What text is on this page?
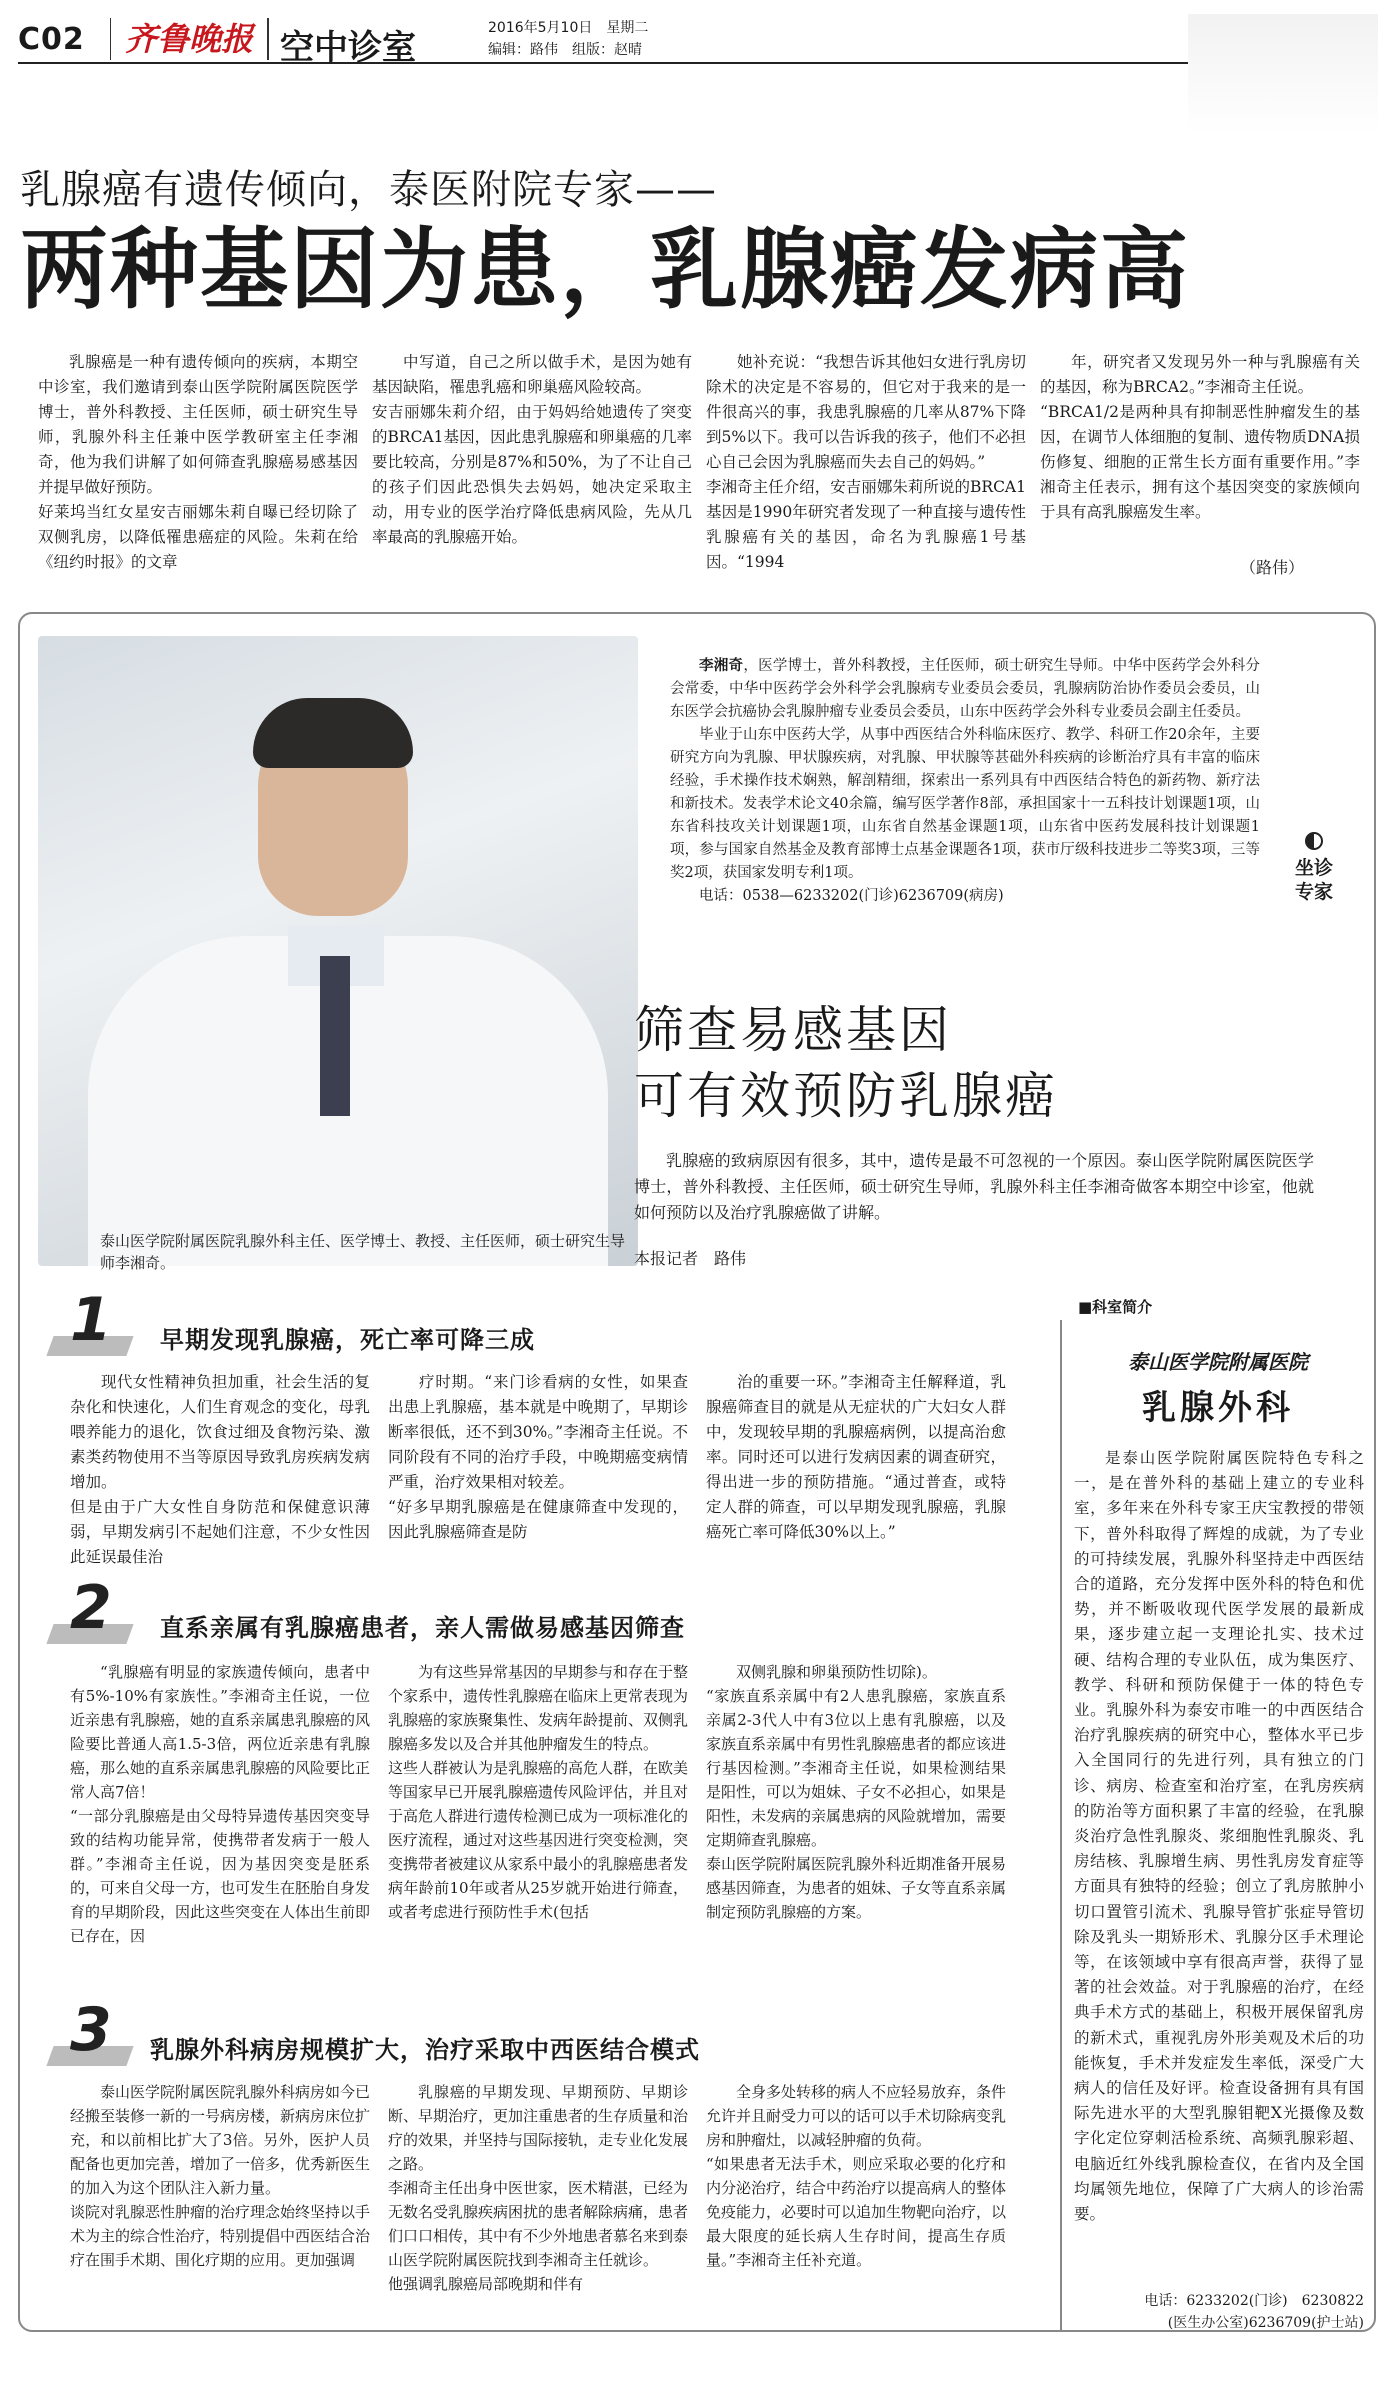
C02	齐鲁晚报 空中诊室	2016年5月10日　星期二
编辑：路伟　组版：赵晴
乳腺癌有遗传倾向，泰医附院专家——
两种基因为患，乳腺癌发病高

乳腺癌是一种有遗传倾向的疾病，本期空中诊室，我们邀请到泰山医学院附属医院医学博士，普外科教授、主任医师，硕士研究生导师，乳腺外科主任兼中医学教研室主任李湘奇，他为我们讲解了如何筛查乳腺癌易感基因并提早做好预防。
好莱坞当红女星安吉丽娜朱莉自曝已经切除了双侧乳房，以降低罹患癌症的风险。朱莉在给《纽约时报》的文章

中写道，自己之所以做手术，是因为她有基因缺陷，罹患乳癌和卵巢癌风险较高。
安吉丽娜朱莉介绍，由于妈妈给她遗传了突变的BRCA1基因，因此患乳腺癌和卵巢癌的几率要比较高，分别是87%和50%，为了不让自己的孩子们因此恐惧失去妈妈，她决定采取主动，用专业的医学治疗降低患病风险，先从几率最高的乳腺癌开始。

她补充说：“我想告诉其他妇女进行乳房切除术的决定是不容易的，但它对于我来的是一件很高兴的事，我患乳腺癌的几率从87%下降到5%以下。我可以告诉我的孩子，他们不必担心自己会因为乳腺癌而失去自己的妈妈。”
李湘奇主任介绍，安吉丽娜朱莉所说的BRCA1基因是1990年研究者发现了一种直接与遗传性乳腺癌有关的基因，命名为乳腺癌1号基因。“1994

年，研究者又发现另外一种与乳腺癌有关的基因，称为BRCA2。”李湘奇主任说。
“BRCA1/2是两种具有抑制恶性肿瘤发生的基因，在调节人体细胞的复制、遗传物质DNA损伤修复、细胞的正常生长方面有重要作用。”李湘奇主任表示，拥有这个基因突变的家族倾向于具有高乳腺癌发生率。

（路伟）
泰山医学院附属医院乳腺外科主任、医学博士、教授、主任医师，硕士研究生导师李湘奇。

李湘奇，医学博士，普外科教授，主任医师，硕士研究生导师。中华中医药学会外科分会常委，中华中医药学会外科学会乳腺病专业委员会委员，乳腺病防治协作委员会委员，山东医学会抗癌协会乳腺肿瘤专业委员会委员，山东中医药学会外科专业委员会副主任委员。

毕业于山东中医药大学，从事中西医结合外科临床医疗、教学、科研工作20余年，主要研究方向为乳腺、甲状腺疾病，对乳腺、甲状腺等甚础外科疾病的诊断治疗具有丰富的临床经验，手术操作技术娴熟，解剖精细，探索出一系列具有中西医结合特色的新药物、新疗法和新技术。发表学术论文40余篇，编写医学著作8部，承担国家十一五科技计划课题1项，山东省科技攻关计划课题1项，山东省自然基金课题1项，山东省中医药发展科技计划课题1项，参与国家自然基金及教育部博士点基金课题各1项，获市厅级科技进步二等奖3项，三等奖2项，获国家发明专利1项。

电话：0538—6233202(门诊)6236709(病房)

坐诊专家
筛查易感基因
可有效预防乳腺癌
乳腺癌的致病原因有很多，其中，遗传是最不可忽视的一个原因。泰山医学院附属医院医学博士，普外科教授、主任医师，硕士研究生导师，乳腺外科主任李湘奇做客本期空中诊室，他就如何预防以及治疗乳腺癌做了讲解。
本报记者　路伟
1 早期发现乳腺癌，死亡率可降三成

现代女性精神负担加重，社会生活的复杂化和快速化，人们生育观念的变化，母乳喂养能力的退化，饮食过细及食物污染、激素类药物使用不当等原因导致乳房疾病发病增加。
但是由于广大女性自身防范和保健意识薄弱，早期发病引不起她们注意，不少女性因此延误最佳治

疗时期。“来门诊看病的女性，如果查出患上乳腺癌，基本就是中晚期了，早期诊断率很低，还不到30%。”李湘奇主任说。不同阶段有不同的治疗手段，中晚期癌变病情严重，治疗效果相对较差。
“好多早期乳腺癌是在健康筛查中发现的，因此乳腺癌筛查是防

治的重要一环。”李湘奇主任解释道，乳腺癌筛查目的就是从无症状的广大妇女人群中，发现较早期的乳腺癌病例，以提高治愈率。同时还可以进行发病因素的调查研究，得出进一步的预防措施。“通过普查，或特定人群的筛查，可以早期发现乳腺癌，乳腺癌死亡率可降低30%以上。”

2 直系亲属有乳腺癌患者，亲人需做易感基因筛查

“乳腺癌有明显的家族遗传倾向，患者中有5%-10%有家族性。”李湘奇主任说，一位近亲患有乳腺癌，她的直系亲属患乳腺癌的风险要比普通人高1.5-3倍，两位近亲患有乳腺癌，那么她的直系亲属患乳腺癌的风险要比正常人高7倍！
“一部分乳腺癌是由父母特异遗传基因突变导致的结构功能异常，使携带者发病于一般人群。”李湘奇主任说，因为基因突变是胚系的，可来自父母一方，也可发生在胚胎自身发育的早期阶段，因此这些突变在人体出生前即已存在，因

为有这些异常基因的早期参与和存在于整个家系中，遗传性乳腺癌在临床上更常表现为乳腺癌的家族聚集性、发病年龄提前、双侧乳腺癌多发以及合并其他肿瘤发生的特点。
这些人群被认为是乳腺癌的高危人群，在欧美等国家早已开展乳腺癌遗传风险评估，并且对于高危人群进行遗传检测已成为一项标准化的医疗流程，通过对这些基因进行突变检测，突变携带者被建议从家系中最小的乳腺癌患者发病年龄前10年或者从25岁就开始进行筛查，或者考虑进行预防性手术(包括

双侧乳腺和卵巢预防性切除)。
“家族直系亲属中有2人患乳腺癌，家族直系亲属2-3代人中有3位以上患有乳腺癌，以及家族直系亲属中有男性乳腺癌患者的都应该进行基因检测。”李湘奇主任说，如果检测结果是阳性，可以为姐妹、子女不必担心，如果是阳性，未发病的亲属患病的风险就增加，需要定期筛查乳腺癌。
泰山医学院附属医院乳腺外科近期准备开展易感基因筛查，为患者的姐妹、子女等直系亲属制定预防乳腺癌的方案。

3 乳腺外科病房规模扩大，治疗采取中西医结合模式

泰山医学院附属医院乳腺外科病房如今已经搬至装修一新的一号病房楼，新病房床位扩充，和以前相比扩大了3倍。另外，医护人员配备也更加完善，增加了一倍多，优秀新医生的加入为这个团队注入新力量。
谈院对乳腺恶性肿瘤的治疗理念始终坚持以手术为主的综合性治疗，特别提倡中西医结合治疗在围手术期、围化疗期的应用。更加强调

乳腺癌的早期发现、早期预防、早期诊断、早期治疗，更加注重患者的生存质量和治疗的效果，并坚持与国际接轨，走专业化发展之路。
李湘奇主任出身中医世家，医术精湛，已经为无数名受乳腺疾病困扰的患者解除病痛，患者们口口相传，其中有不少外地患者慕名来到泰山医学院附属医院找到李湘奇主任就诊。
他强调乳腺癌局部晚期和伴有

全身多处转移的病人不应轻易放弃，条件允许并且耐受力可以的话可以手术切除病变乳房和肿瘤灶，以减轻肿瘤的负荷。
“如果患者无法手术，则应采取必要的化疗和内分泌治疗，结合中药治疗以提高病人的整体免疫能力，必要时可以追加生物靶向治疗，以最大限度的延长病人生存时间，提高生存质量。”李湘奇主任补充道。

■科室简介
泰山医学院附属医院
乳腺外科
是泰山医学院附属医院特色专科之一，是在普外科的基础上建立的专业科室，多年来在外科专家王庆宝教授的带领下，普外科取得了辉煌的成就，为了专业的可持续发展，乳腺外科坚持走中西医结合的道路，充分发挥中医外科的特色和优势，并不断吸收现代医学发展的最新成果，逐步建立起一支理论扎实、技术过硬、结构合理的专业队伍，成为集医疗、教学、科研和预防保健于一体的特色专业。乳腺外科为泰安市唯一的中西医结合治疗乳腺疾病的研究中心，整体水平已步入全国同行的先进行列，具有独立的门诊、病房、检查室和治疗室，在乳房疾病的防治等方面积累了丰富的经验，在乳腺炎治疗急性乳腺炎、浆细胞性乳腺炎、乳房结核、乳腺增生病、男性乳房发育症等方面具有独特的经验；创立了乳房脓肿小切口置管引流术、乳腺导管扩张症导管切除及乳头一期矫形术、乳腺分区手术理论等，在该领域中享有很高声誉，获得了显著的社会效益。对于乳腺癌的治疗，在经典手术方式的基础上，积极开展保留乳房的新术式，重视乳房外形美观及术后的功能恢复，手术并发症发生率低，深受广大病人的信任及好评。检查设备拥有具有国际先进水平的大型乳腺钼靶X光摄像及数字化定位穿刺活检系统、高频乳腺彩超、电脑近红外线乳腺检查仪，在省内及全国均属领先地位，保障了广大病人的诊治需要。
电话：6233202(门诊)　6230822
(医生办公室)6236709(护士站)
